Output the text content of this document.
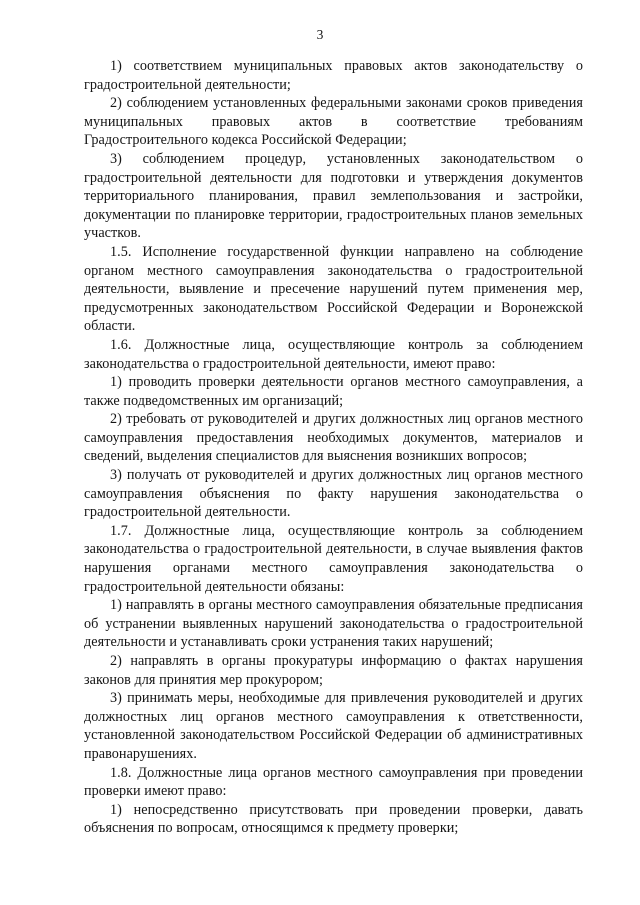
3

1) соответствием муниципальных правовых актов законодательству о градостроительной деятельности;

2) соблюдением установленных федеральными законами сроков приведения муниципальных правовых актов в соответствие требованиям Градостроительного кодекса Российской Федерации;

3) соблюдением процедур, установленных законодательством о градостроительной деятельности для подготовки и утверждения документов территориального планирования, правил землепользования и застройки, документации по планировке территории, градостроительных планов земельных участков.

1.5. Исполнение государственной функции направлено на соблюдение органом местного самоуправления законодательства о градостроительной деятельности, выявление и пресечение нарушений путем применения мер, предусмотренных законодательством Российской Федерации и Воронежской области.

1.6. Должностные лица, осуществляющие контроль за соблюдением законодательства о градостроительной деятельности, имеют право:

1) проводить проверки деятельности органов местного самоуправления, а также подведомственных им организаций;

2) требовать от руководителей и других должностных лиц органов местного самоуправления предоставления необходимых документов, материалов и сведений, выделения специалистов для выяснения возникших вопросов;

3) получать от руководителей и других должностных лиц органов местного самоуправления объяснения по факту нарушения законодательства о градостроительной деятельности.

1.7. Должностные лица, осуществляющие контроль за соблюдением законодательства о градостроительной деятельности, в случае выявления фактов нарушения органами местного самоуправления законодательства о градостроительной деятельности обязаны:

1) направлять в органы местного самоуправления обязательные предписания об устранении выявленных нарушений законодательства о градостроительной деятельности и устанавливать сроки устранения таких нарушений;

2) направлять в органы прокуратуры информацию о фактах нарушения законов для принятия мер прокурором;

3) принимать меры, необходимые для привлечения руководителей и других должностных лиц органов местного самоуправления к ответственности, установленной законодательством Российской Федерации об административных правонарушениях.

1.8. Должностные лица органов местного самоуправления при проведении проверки имеют право:

1) непосредственно присутствовать при проведении проверки, давать объяснения по вопросам, относящимся к предмету проверки;
